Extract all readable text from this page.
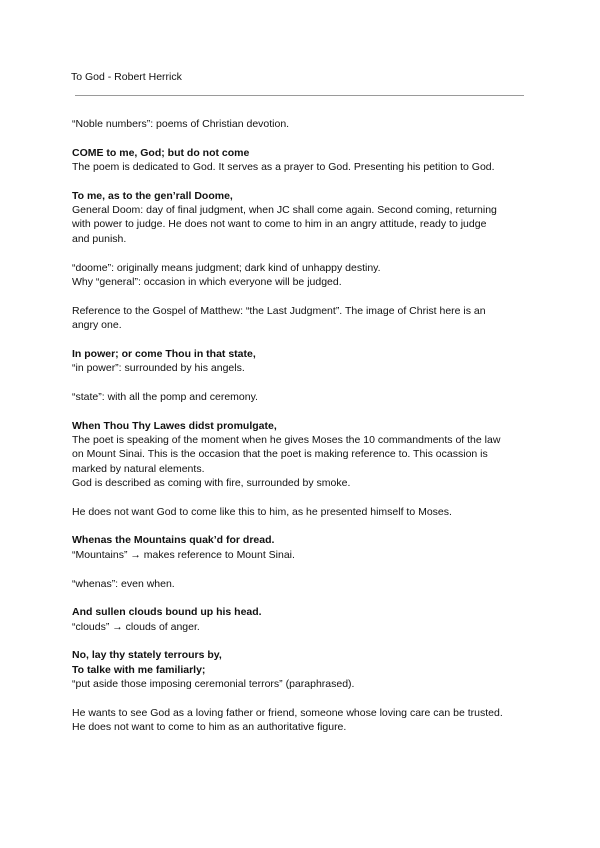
To God - Robert Herrick

“Noble numbers”: poems of Christian devotion.

COME to me, God; but do not come

The poem is dedicated to God. It serves as a prayer to God. Presenting his petition to God.

To me, as to the gen’rall Doome,

General Doom: day of final judgment, when JC shall come again. Second coming, returning

with power to judge. He does not want to come to him in an angry attitude, ready to judge

and punish.

“doome”: originally means judgment; dark kind of unhappy destiny.

Why “general”: occasion in which everyone will be judged.

Reference to the Gospel of Matthew: “the Last Judgment”. The image of Christ here is an

angry one.

In power; or come Thou in that state,

“in power”: surrounded by his angels.

“state”: with all the pomp and ceremony.

When Thou Thy Lawes didst promulgate,

The poet is speaking of the moment when he gives Moses the 10 commandments of the law

on Mount Sinai. This is the occasion that the poet is making reference to. This ocassion is

marked by natural elements.

God is described as coming with fire, surrounded by smoke.

He does not want God to come like this to him, as he presented himself to Moses.

Whenas the Mountains quak’d for dread.

“Mountains” → makes reference to Mount Sinai.

“whenas”: even when.

And sullen clouds bound up his head.

“clouds” → clouds of anger.

No, lay thy stately terrours by,

To talke with me familiarly;

“put aside those imposing ceremonial terrors” (paraphrased).

He wants to see God as a loving father or friend, someone whose loving care can be trusted.

He does not want to come to him as an authoritative figure.
